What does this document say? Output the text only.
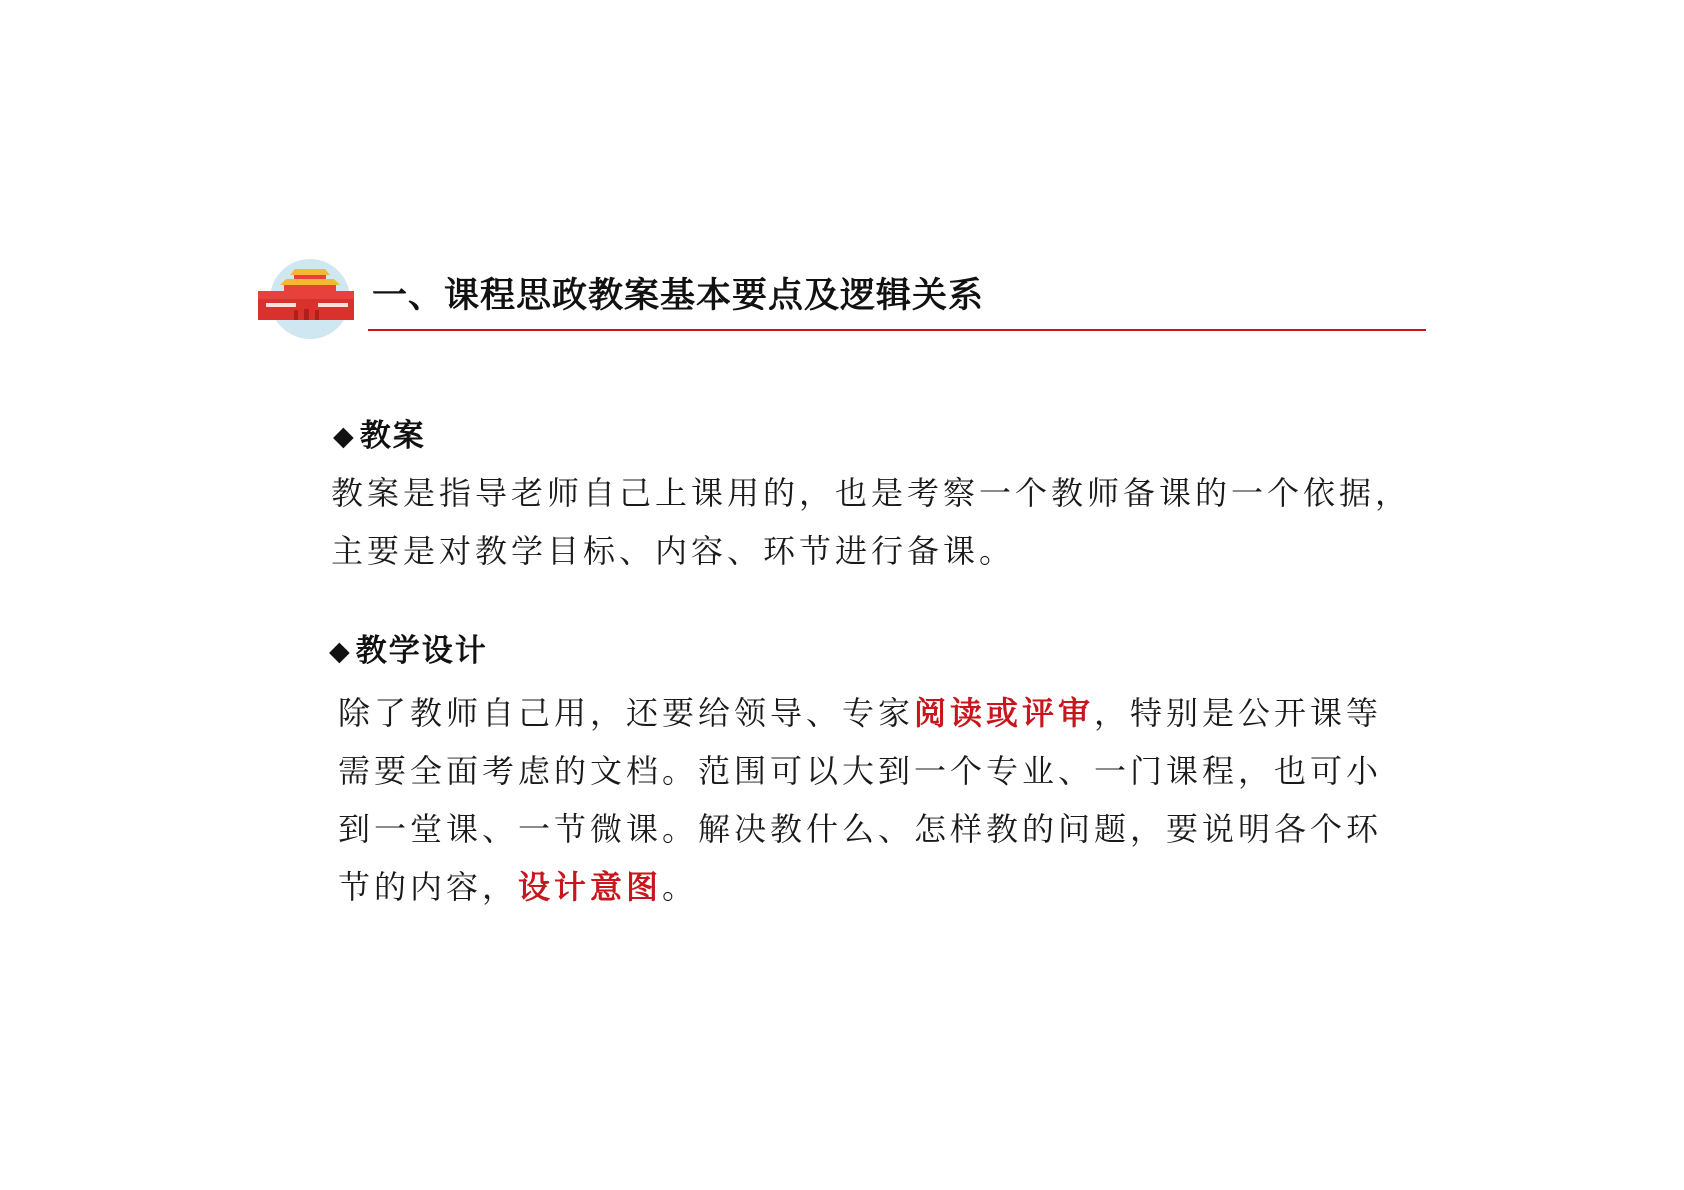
一、课程思政教案基本要点及逻辑关系
◆ 教案

教案是指导老师自己上课用的，也是考察一个教师备课的一个依据，
主要是对教学目标、内容、环节进行备课。

◆ 教学设计

除了教师自己用，还要给领导、专家阅读或评审，特别是公开课等
需要全面考虑的文档。范围可以大到一个专业、一门课程，也可小
到一堂课、一节微课。解决教什么、怎样教的问题，要说明各个环
节的内容，设计意图。
